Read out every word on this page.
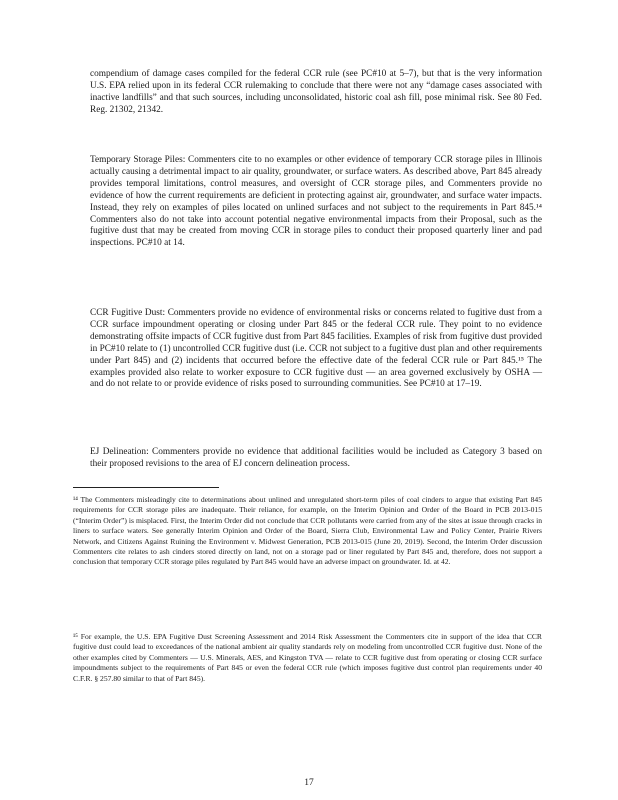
compendium of damage cases compiled for the federal CCR rule (see PC#10 at 5–7), but that is the very information U.S. EPA relied upon in its federal CCR rulemaking to conclude that there were not any “damage cases associated with inactive landfills” and that such sources, including unconsolidated, historic coal ash fill, pose minimal risk. See 80 Fed. Reg. 21302, 21342.
Temporary Storage Piles: Commenters cite to no examples or other evidence of temporary CCR storage piles in Illinois actually causing a detrimental impact to air quality, groundwater, or surface waters. As described above, Part 845 already provides temporal limitations, control measures, and oversight of CCR storage piles, and Commenters provide no evidence of how the current requirements are deficient in protecting against air, groundwater, and surface water impacts. Instead, they rely on examples of piles located on unlined surfaces and not subject to the requirements in Part 845.¹⁴ Commenters also do not take into account potential negative environmental impacts from their Proposal, such as the fugitive dust that may be created from moving CCR in storage piles to conduct their proposed quarterly liner and pad inspections. PC#10 at 14.
CCR Fugitive Dust: Commenters provide no evidence of environmental risks or concerns related to fugitive dust from a CCR surface impoundment operating or closing under Part 845 or the federal CCR rule. They point to no evidence demonstrating offsite impacts of CCR fugitive dust from Part 845 facilities. Examples of risk from fugitive dust provided in PC#10 relate to (1) uncontrolled CCR fugitive dust (i.e. CCR not subject to a fugitive dust plan and other requirements under Part 845) and (2) incidents that occurred before the effective date of the federal CCR rule or Part 845.¹⁵ The examples provided also relate to worker exposure to CCR fugitive dust — an area governed exclusively by OSHA — and do not relate to or provide evidence of risks posed to surrounding communities. See PC#10 at 17–19.
EJ Delineation: Commenters provide no evidence that additional facilities would be included as Category 3 based on their proposed revisions to the area of EJ concern delineation process.
¹⁴ The Commenters misleadingly cite to determinations about unlined and unregulated short-term piles of coal cinders to argue that existing Part 845 requirements for CCR storage piles are inadequate. Their reliance, for example, on the Interim Opinion and Order of the Board in PCB 2013-015 (“Interim Order”) is misplaced. First, the Interim Order did not conclude that CCR pollutants were carried from any of the sites at issue through cracks in liners to surface waters. See generally Interim Opinion and Order of the Board, Sierra Club, Environmental Law and Policy Center, Prairie Rivers Network, and Citizens Against Ruining the Environment v. Midwest Generation, PCB 2013-015 (June 20, 2019). Second, the Interim Order discussion Commenters cite relates to ash cinders stored directly on land, not on a storage pad or liner regulated by Part 845 and, therefore, does not support a conclusion that temporary CCR storage piles regulated by Part 845 would have an adverse impact on groundwater. Id. at 42.
¹⁵ For example, the U.S. EPA Fugitive Dust Screening Assessment and 2014 Risk Assessment the Commenters cite in support of the idea that CCR fugitive dust could lead to exceedances of the national ambient air quality standards rely on modeling from uncontrolled CCR fugitive dust. None of the other examples cited by Commenters — U.S. Minerals, AES, and Kingston TVA — relate to CCR fugitive dust from operating or closing CCR surface impoundments subject to the requirements of Part 845 or even the federal CCR rule (which imposes fugitive dust control plan requirements under 40 C.F.R. § 257.80 similar to that of Part 845).
17
